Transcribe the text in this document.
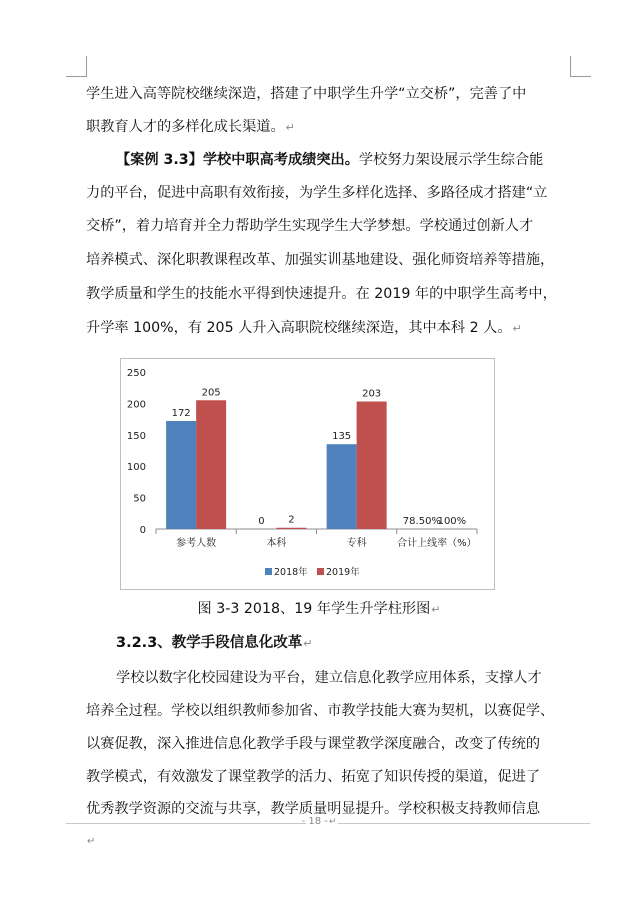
学生进入高等院校继续深造，搭建了中职学生升学“立交桥”，完善了中
职教育人才的多样化成长渠道。↵
【案例 3.3】学校中职高考成绩突出。学校努力架设展示学生综合能
力的平台，促进中高职有效衔接，为学生多样化选择、多路径成才搭建“立
交桥”，着力培育并全力帮助学生实现学生大学梦想。学校通过创新人才
培养模式、深化职教课程改革、加强实训基地建设、强化师资培养等措施，
教学质量和学生的技能水平得到快速提升。在 2019 年的中职学生高考中，
升学率 100%，有 205 人升入高职院校继续深造，其中本科 2 人。↵
0
50
100
150
200
250
172
205
参考人数
0 2
本科
135
203
专科
78.50%
100%
合计上线率（%）
2018年 2019年
图 3-3 2018、19 年学生升学柱形图↵
3.2.3、教学手段信息化改革↵
学校以数字化校园建设为平台，建立信息化教学应用体系，支撑人才
培养全过程。学校以组织教师参加省、市教学技能大赛为契机，以赛促学、
以赛促教，深入推进信息化教学手段与课堂教学深度融合，改变了传统的
教学模式，有效激发了课堂教学的活力、拓宽了知识传授的渠道，促进了
优秀教学资源的交流与共享，教学质量明显提升。学校积极支持教师信息
- 18 -↵
↵
